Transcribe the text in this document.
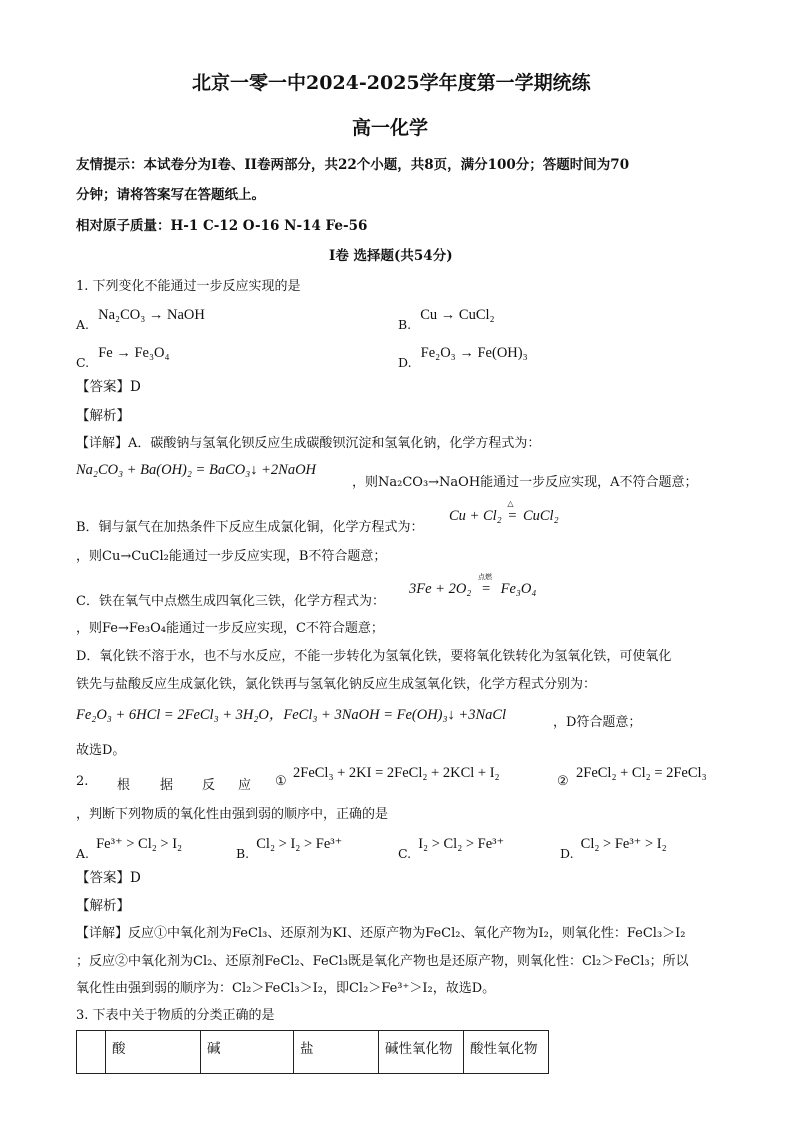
北京一零一中2024-2025学年度第一学期统练
高一化学
友情提示：本试卷分为I卷、II卷两部分，共22个小题，共8页，满分100分；答题时间为70
分钟；请将答案写在答题纸上。
相对原子质量：H-1 C-12 O-16 N-14 Fe-56
I卷 选择题(共54分)
1. 下列变化不能通过一步反应实现的是
$_{A.}$ Na₂CO₃ → NaOH
$_{B.}$ Cu → CuCl₂
$_{C.}$ Fe → Fe₃O₄
$_{D.}$ Fe₂O₃ → Fe(OH)₃
【答案】D
【解析】
【详解】A．碳酸钠与氢氧化钡反应生成碳酸钡沉淀和氢氧化钠，化学方程式为：
Na₂CO₃ + Ba(OH)₂ = BaCO₃↓ +2NaOH
，则Na₂CO₃→NaOH能通过一步反应实现，A不符合题意；
B．铜与氯气在加热条件下反应生成氯化铜，化学方程式为：
Cu + Cl₂
△
= CuCl₂
，则Cu→CuCl₂能通过一步反应实现，B不符合题意；
C．铁在氧气中点燃生成四氧化三铁，化学方程式为：
3Fe + 2O₂
点燃
= Fe₃O₄
，则Fe→Fe₃O₄能通过一步反应实现，C不符合题意；
D．氧化铁不溶于水，也不与水反应，不能一步转化为氢氧化铁，要将氧化铁转化为氢氧化铁，可使氧化
铁先与盐酸反应生成氯化铁，氯化铁再与氢氧化钠反应生成氢氧化铁，化学方程式分别为：
Fe₂O₃ + 6HCl = 2FeCl₃ + 3H₂O，FeCl₃ + 3NaOH = Fe(OH)₃↓ +3NaCl	，D符合题意；
故选D。
2. 根 据 反 应 ①
2FeCl₃ + 2KI = 2FeCl₂ + 2KCl + I₂
②
2FeCl₂ + Cl₂ = 2FeCl₃
，判断下列物质的氧化性由强到弱的顺序中，正确的是
$_{A.}$ Fe³⁺ > Cl₂ > I₂
$_{B.}$ Cl₂ > I₂ > Fe³⁺
$_{C.}$ I₂ > Cl₂ > Fe³⁺
$_{D.}$ Cl₂ > Fe³⁺ > I₂
【答案】D
【解析】
【详解】反应①中氧化剂为FeCl₃、还原剂为KI、还原产物为FeCl₂、氧化产物为I₂，则氧化性：FeCl₃＞I₂
；反应②中氧化剂为Cl₂、还原剂FeCl₂、FeCl₃既是氧化产物也是还原产物，则氧化性：Cl₂＞FeCl₃；所以
氧化性由强到弱的顺序为：Cl₂＞FeCl₃＞I₂，即Cl₂＞Fe³⁺＞I₂，故选D。
3. 下表中关于物质的分类正确的是
	酸	碱	盐	碱性氧化物	酸性氧化物
